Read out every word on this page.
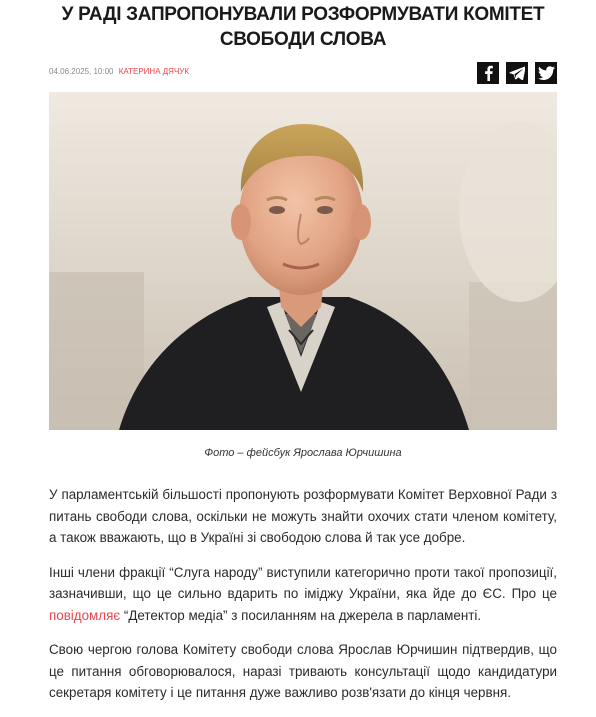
У РАДІ ЗАПРОПОНУВАЛИ РОЗФОРМУВАТИ КОМІТЕТ СВОБОДИ СЛОВА
04.06.2025, 10:00 КАТЕРИНА ДЯЧУК
Фото – фейсбук Ярослава Юрчишина

У парламентській більшості пропонують розформувати Комітет Верховної Ради з питань свободи слова, оскільки не можуть знайти охочих стати членом комітету, а також вважають, що в Україні зі свободою слова й так усе добре.

Інші члени фракції “Слуга народу” виступили категорично проти такої пропозиції, зазначивши, що це сильно вдарить по іміджу України, яка йде до ЄС. Про це повідомляє “Детектор медіа” з посиланням на джерела в парламенті.

Свою чергою голова Комітету свободи слова Ярослав Юрчишин підтвердив, що це питання обговорювалося, наразі тривають консультації щодо кандидатури секретаря комітету і це питання дуже важливо розв'язати до кінця червня.
